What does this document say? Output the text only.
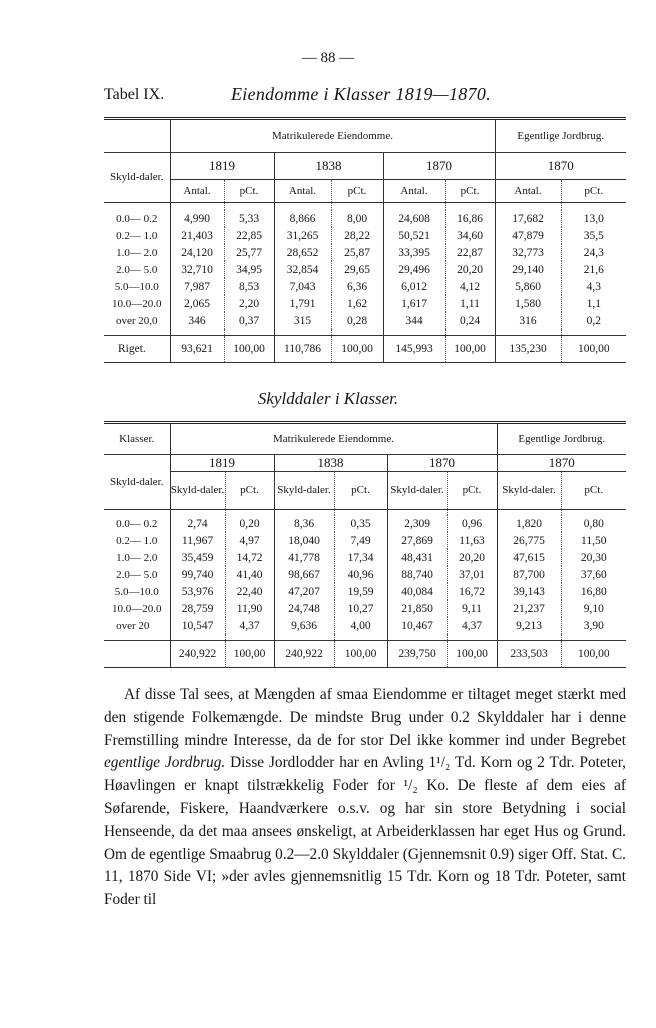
— 88 —
Tabel IX.	Eiendomme i Klasser 1819—1870.

	Matrikulerede Eiendomme.						Egentlige Jordbrug.	
Skyld-daler.	1819		1838		1870		1870	
	Antal.	pCt.	Antal.	pCt.	Antal.	pCt.	Antal.	pCt.

0.0— 0.2	4,990	5,33	8,866	8,00	24,608	16,86	17,682	13,0
0.2— 1.0	21,403	22,85	31,265	28,22	50,521	34,60	47,879	35,5
1.0— 2.0	24,120	25,77	28,652	25,87	33,395	22,87	32,773	24,3
2.0— 5.0	32,710	34,95	32,854	29,65	29,496	20,20	29,140	21,6
5.0—10.0	7,987	8,53	7,043	6,36	6,012	4,12	5,860	4,3
10.0—20.0	2,065	2,20	1,791	1,62	1,617	1,11	1,580	1,1
over 20,0	346	0,37	315	0,28	344	0,24	316	0,2

Riget.	93,621	100,00	110,786	100,00	145,993	100,00	135,230	100,00
Skylddaler i Klasser.

Klasser.	Matrikulerede Eiendomme.						Egentlige Jordbrug.	
Skyld-daler.	1819		1838		1870		1870	
	Skyld-daler.	pCt.	Skyld-daler.	pCt.	Skyld-daler.	pCt.	Skyld-daler.	pCt.

0.0— 0.2	2,74	0,20	8,36	0,35	2,309	0,96	1,820	0,80
0.2— 1.0	11,967	4,97	18,040	7,49	27,869	11,63	26,775	11,50
1.0— 2.0	35,459	14,72	41,778	17,34	48,431	20,20	47,615	20,30
2.0— 5.0	99,740	41,40	98,667	40,96	88,740	37,01	87,700	37,60
5.0—10.0	53,976	22,40	47,207	19,59	40,084	16,72	39,143	16,80
10.0—20.0	28,759	11,90	24,748	10,27	21,850	9,11	21,237	9,10
over 20	10,547	4,37	9,636	4,00	10,467	4,37	9,213	3,90

	240,922	100,00	240,922	100,00	239,750	100,00	233,503	100,00

Af disse Tal sees, at Mængden af smaa Eiendomme er tiltaget meget stærkt med den stigende Folkemængde. De mindste Brug under 0.2 Skylddaler har i denne Fremstilling mindre Interesse, da de for stor Del ikke kommer ind under Begrebet egentlige Jordbrug. Disse Jordlodder har en Avling 1¹/₂ Td. Korn og 2 Tdr. Poteter, Høavlingen er knapt tilstrækkelig Foder for ¹/₂ Ko. De fleste af dem eies af Søfarende, Fiskere, Haandværkere o.s.v. og har sin store Betydning i social Henseende, da det maa ansees ønskeligt, at Arbeiderklassen har eget Hus og Grund. Om de egentlige Smaabrug 0.2—2.0 Skylddaler (Gjennemsnit 0.9) siger Off. Stat. C. 11, 1870 Side VI; »der avles gjennemsnitlig 15 Tdr. Korn og 18 Tdr. Poteter, samt Foder til
